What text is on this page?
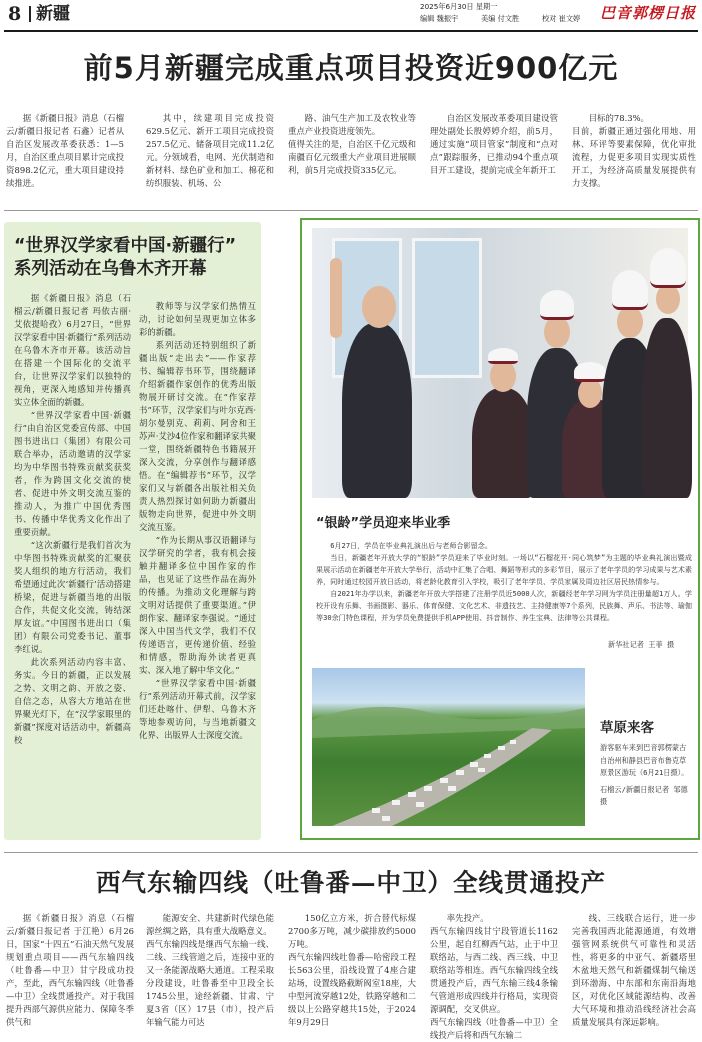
8 新疆	2025年6月30日 星期一
编辑 魏振宇	美编 付文胜	校对 崔文婷 巴音郭楞日报
前5月新疆完成重点项目投资近900亿元

据《新疆日报》消息（石榴云/新疆日报记者 石鑫）记者从自治区发展改革委获悉：1—5月，自治区重点项目累计完成投资898.2亿元，重大项目建设持续推进。

其中，续建项目完成投资629.5亿元、新开工项目完成投资257.5亿元、储备项目完成11.2亿元。分领域看，电网、光伏制造和新材料、绿色矿业和加工、棉花和纺织服装、机场、公

路、油气生产加工及农牧业等重点产业投资进度领先。
值得关注的是，自治区千亿元级和南疆百亿元级重大产业项目进展顺利，前5月完成投资335亿元。

自治区发展改革委项目建设管理处副处长殷婷婷介绍，前5月，通过实施“项目管家”制度和“点对点”跟踪服务，已推动94个重点项目开工建设，提前完成全年新开工

目标的78.3%。
目前，新疆正通过强化用地、用林、环评等要素保障，优化审批流程，力促更多项目实现实质性开工，为经济高质量发展提供有力支撑。

“世界汉学家看中国·新疆行”
系列活动在乌鲁木齐开幕

据《新疆日报》消息（石榴云/新疆日报记者 玛依古丽·艾依提哈孜）6月27日，“世界汉学家看中国·新疆行”系列活动在乌鲁木齐市开幕。该活动旨在搭建一个国际化的交流平台，让世界汉学家们以独特的视角，更深入地感知并传播真实立体全面的新疆。

“世界汉学家看中国·新疆行”由自治区党委宣传部、中国图书进出口（集团）有限公司联合举办，活动邀请的汉学家均为中华图书特殊贡献奖获奖者，作为跨国文化交流的使者、促进中外文明交流互鉴的推动人，为推广中国优秀图书、传播中华优秀文化作出了重要贡献。

“这次新疆行是我们首次为中华图书特殊贡献奖的汇聚获奖人组织的地方行活动，我们希望通过此次‘新疆行’活动搭建桥梁，促进与新疆当地的出版合作，共促文化交流，铸结深厚友谊。”中国图书进出口（集团）有限公司党委书记、董事李红说。

此次系列活动内容丰富、务实。今日的新疆，正以发展之势、文明之韵、开放之姿、自信之态，从容大方地站在世界聚光灯下，在“汉学家眼里的新疆”探度对话活动中，新疆高校

教师等与汉学家们热情互动，讨论如何呈现更加立体多彩的新疆。

系列活动还特别组织了新疆出版“走出去”——作家荐书、编辑荐书环节，围绕翻译介绍新疆作家创作的优秀出版物展开研讨交流。在“作家荐书”环节，汉学家们与叶尔克西·胡尔曼别克、莉莉、阿舍和王苏声·艾沙4位作家和翻译家共聚一堂，围绕新疆特色书籍展开深入交流，分享创作与翻译感悟。在“编辑荐书”环节，汉学家们又与新疆各出版社相关负责人热烈探讨如何助力新疆出版物走向世界，促进中外文明交流互鉴。

“作为长期从事汉语翻译与汉学研究的学者，我有机会接触并翻译多位中国作家的作品，也见证了这些作品在海外的传播。为推动文化理解与跨文明对话提供了重要渠道。”伊朗作家、翻译家李强说。“通过深入中国当代文学，我们不仅传递语言，更传递价值、经验和情感，帮助海外读者更真实、深入地了解中华文化。”

“世界汉学家看中国·新疆行”系列活动开幕式前，汉学家们还赴喀什、伊犁、乌鲁木齐等地参观访问，与当地新疆文化界、出版界人士深度交流。

“银龄”学员迎来毕业季

6月27日，学员在毕业典礼演出后与老师合影留念。

当日，新疆老年开放大学的“银龄”学员迎来了毕业时刻。一场以“石榴花开·同心筑梦”为主题的毕业典礼演出暨成果展示活动在新疆老年开放大学举行，活动中汇集了合唱、舞蹈等形式的多彩节目，展示了老年学员的学习成果与艺术素养，同时通过校园开放日活动，将老龄化教育引入学校，吸引了老年学员、学员家属及周边社区居民热情参与。

自2021年办学以来，新疆老年开放大学搭建了注册学员近5000人次，新疆经老年学习网为学员注册量超1万人。学校开设有乐舞、书画摄影、器乐、体育保健、文化艺术、非遗技艺、主持健康等7个系列，民族舞、声乐、书法等、瑜伽等30余门特色课程，并为学员免费提供手机APP使用、抖音制作、养生宝典、法律等公共课程。

新华社记者 王菲 摄
草原来客
游客驱车来到巴音郭楞蒙古自治州和静县巴音布鲁克草原景区游玩（6月21日摄）。
石榴云/新疆日报记者 邹德 摄
西气东输四线（吐鲁番—中卫）全线贯通投产

据《新疆日报》消息（石榴云/新疆日报记者 于江艳）6月26日，国家“十四五”石油天然气发展规划重点项目——西气东输四线（吐鲁番—中卫）甘宁段成功投产，至此，西气东输四线（吐鲁番—中卫）全线贯通投产。对于我国提升西部气源供应能力、保障冬季供气和

能源安全、共建新时代绿色能源丝绸之路，具有重大战略意义。
西气东输四线是继西气东输一线、二线、三线管道之后，连接中亚的又一条能源战略大通道。工程采取分段建设，吐鲁番至中卫段全长1745公里，途经新疆、甘肃、宁夏3省（区）17县（市），投产后年输气能力可达

150亿立方米，折合替代标煤2700多万吨，减少碳排放约5000万吨。
西气东输四线吐鲁番—哈密段工程长563公里，沿线设置了4座合建站场，设置线路截断阀室18座，大中型河流穿越12处，铁路穿越和二级以上公路穿越共15处，于2024年9月29日

率先投产。
西气东输四线甘宁段管道长1162公里，起自红柳西气站，止于中卫联络站，与西二线、西三线、中卫联络站等相连。西气东输四线全线贯通投产后，西气东输三线4条输气管道形成四线并行格局，实现资源调配，交叉供应。
西气东输四线（吐鲁番—中卫）全线投产后将和西气东输二

线、三线联合运行，进一步完善我国西北能源通道，有效增强管网系统供气可靠性和灵活性，将更多的中亚气、新疆塔里木盆地天然气和新疆煤制气输送到环渤海、中东部和东南沿海地区，对优化区域能源结构、改善大气环境和推动沿线经济社会高质量发展具有深远影响。
